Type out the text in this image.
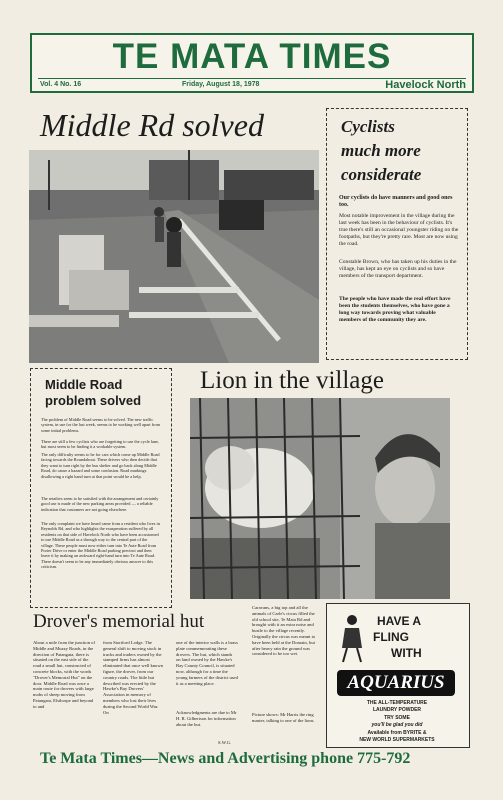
TE MATA TIMES
Vol. 4 No. 16	Friday, August 18, 1978	Havelock North
Middle Rd solved	Cyclists
much more
considerate
Our cyclists do have manners and good ones too.
Most notable improvement in the village during the last week has been in the behaviour of cyclists. It's true there's still an occasional youngster riding on the footpaths, but they're pretty rare. Most are now using the road.
Constable Brown, who has taken up his duties in the village, has kept an eye on cyclists and so have members of the transport department.
The people who have made the real effort have been the students themselves, who have gone a long way towards proving what valuable members of the community they are.
Middle Road
problem solved
The problem of Middle Road seems to be solved. The new traffic system, in use for the last week, seems to be working well apart from some initial problems.
There are still a few cyclists who are forgetting to use the cycle lane, but most seem to be finding it a workable system.
The only difficulty seems to be for cars which come up Middle Road facing towards the Roundabout. These drivers who then decide that they want to turn right by the bus shelter and go back along Middle Road, do cause a hazard and some confusion. Road markings disallowing a right hand turn at that point would be a help.
The retailers seem to be satisfied with the arrangement and certainly good use is made of the new parking areas provided — a reliable indication that customers are not going elsewhere.
The only complaint we have heard came from a resident who lives in Reynolds Rd, and who highlights the exasperation suffered by all residents on that side of Havelock North who have been accustomed to use Middle Road as a through way to the central part of the village. These people must now either turn into Te Aute Road from Porter Drive or enter the Middle Road parking precinct and then leave it by making an awkward right-hand turn into Te Aute Road. There doesn't seem to be any immediately obvious answer to this criticism.
Lion in the village
Drover's memorial hut
About a mile from the junction of Middle and Muzzy Roads, in the direction of Patangata, there is situated on the east side of the road a small hut, constructed of concrete blocks, with the words "Drover's Memorial Hut" on the door. Middle Road was once a main route for drovers with large mobs of sheep moving from Patangata, Elsthorpe and beyond to and
from Stortford Lodge. The general shift to moving stock in trucks and traders owned by the stamped firms has almost eliminated that once well known figure, the drover, from our country roads. The little hut described was erected by the Hawke's Bay Drovers' Association in memory of members who lost their lives during the Second World War. On
one of the interior walls is a brass plate commemorating these drovers. The hut, which stands on land owned by the Hawke's Bay County Council, is situated now, although for a time the young farmers of the district used it as a meeting place.
Acknowledgments are due to Mr H. R. Gilbertson for information about the hut.
S.W.G.
Caravans, a big top and all the animals of Carle's circus filled the old school site, Te Mata Rd and brought with it an extra noise and bustle to the village recently. Originally the circus was meant to have been held at the Domain, but after heavy rain the ground was considered to be too wet.
Picture shows: Mr Harris the ring master, talking to one of the lions.
HAVE A
FLING
WITH
AQUARIUS
THE ALL-TEMPERATURE
LAUNDRY POWDER
TRY SOME
you'll be glad you did
Available from BYRITE &
NEW WORLD SUPERMARKETS
Te Mata Times—News and Advertising phone 775-792
